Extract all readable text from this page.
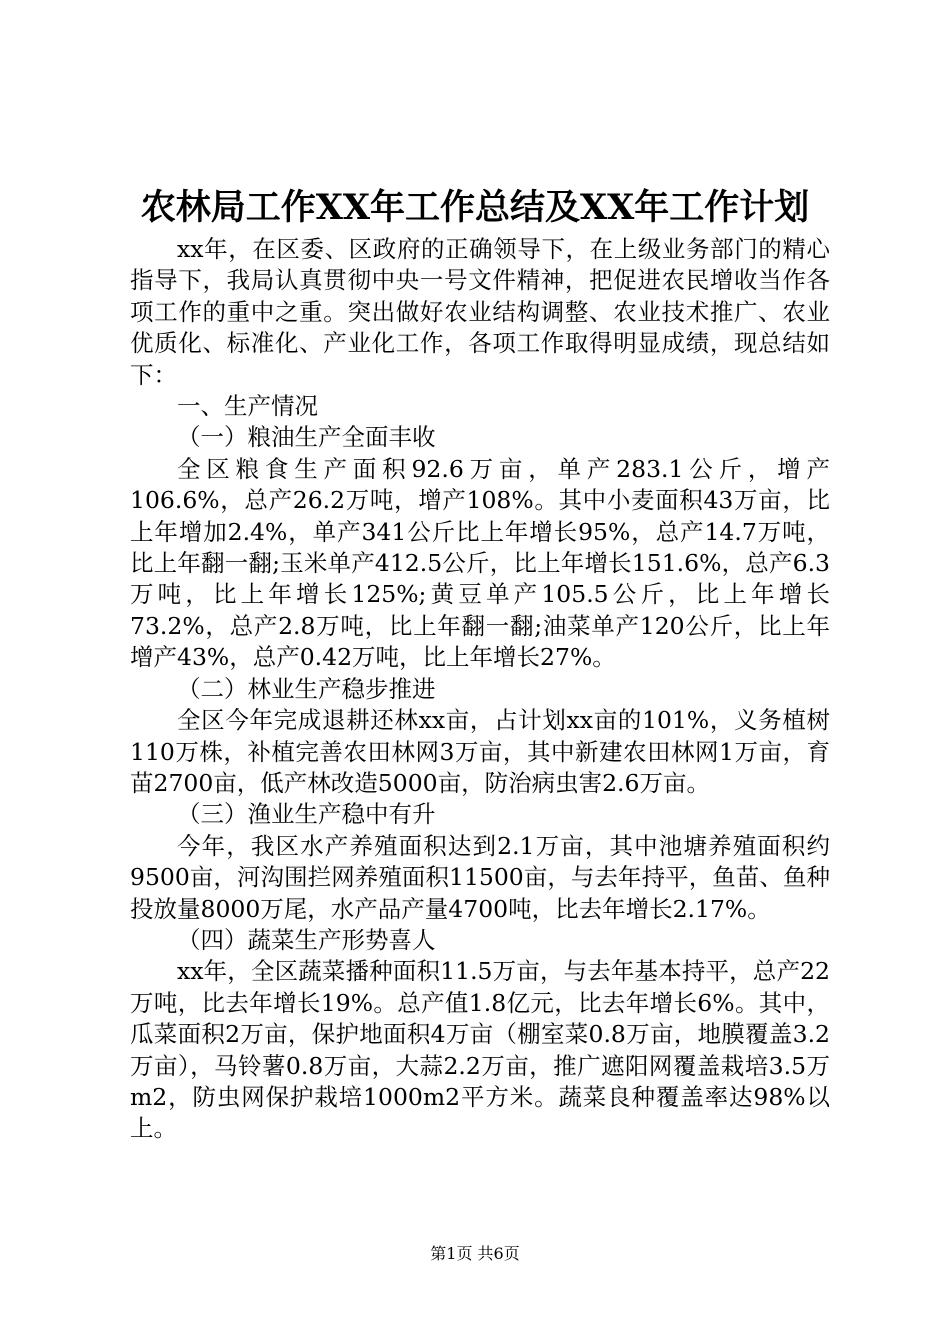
农林局工作XX年工作总结及XX年工作计划

xx年，在区委、区政府的正确领导下，在上级业务部门的精心指导下，我局认真贯彻中央一号文件精神，把促进农民增收当作各项工作的重中之重。突出做好农业结构调整、农业技术推广、农业优质化、标准化、产业化工作，各项工作取得明显成绩，现总结如下：

一、生产情况

（一）粮油生产全面丰收

全区粮食生产面积92.6万亩，单产283.1公斤，增产106.6%，总产26.2万吨，增产108%。其中小麦面积43万亩，比上年增加2.4%，单产341公斤比上年增长95%，总产14.7万吨，比上年翻一翻;玉米单产412.5公斤，比上年增长151.6%，总产6.3万吨，比上年增长125%;黄豆单产105.5公斤，比上年增长73.2%，总产2.8万吨，比上年翻一翻;油菜单产120公斤，比上年增产43%，总产0.42万吨，比上年增长27%。

（二）林业生产稳步推进

全区今年完成退耕还林xx亩，占计划xx亩的101%，义务植树110万株，补植完善农田林网3万亩，其中新建农田林网1万亩，育苗2700亩，低产林改造5000亩，防治病虫害2.6万亩。

（三）渔业生产稳中有升

今年，我区水产养殖面积达到2.1万亩，其中池塘养殖面积约9500亩，河沟围拦网养殖面积11500亩，与去年持平，鱼苗、鱼种投放量8000万尾，水产品产量4700吨，比去年增长2.17%。

（四）蔬菜生产形势喜人

xx年，全区蔬菜播种面积11.5万亩，与去年基本持平，总产22万吨，比去年增长19%。总产值1.8亿元，比去年增长6%。其中，瓜菜面积2万亩，保护地面积4万亩（棚室菜0.8万亩，地膜覆盖3.2万亩），马铃薯0.8万亩，大蒜2.2万亩，推广遮阳网覆盖栽培3.5万m2，防虫网保护栽培1000m2平方米。蔬菜良种覆盖率达98%以上。

第1页 共6页
